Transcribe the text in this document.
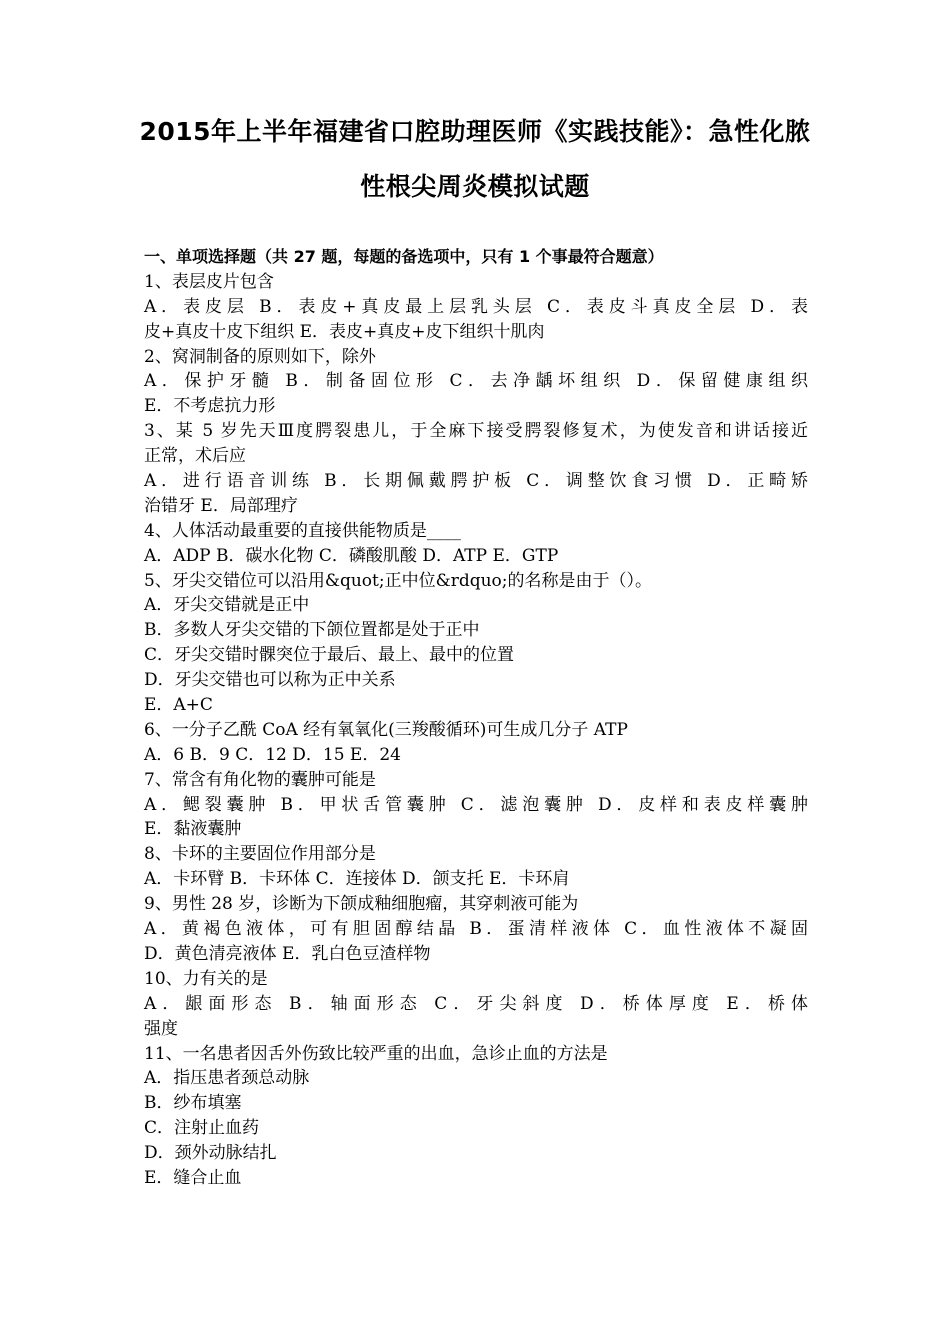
2015年上半年福建省口腔助理医师《实践技能》：急性化脓
性根尖周炎模拟试题
一、单项选择题（共 27 题，每题的备选项中，只有 1 个事最符合题意）
1、表层皮片包含
A．表皮层 B．表皮+真皮最上层乳头层 C．表皮斗真皮全层 D．表
皮+真皮十皮下组织 E．表皮+真皮+皮下组织十肌肉
2、窝洞制备的原则如下，除外
A．保护牙髓 B．制备固位形 C．去净龋坏组织 D．保留健康组织
E．不考虑抗力形
3、某 5 岁先天Ⅲ度腭裂患儿，于全麻下接受腭裂修复术，为使发音和讲话接近
正常，术后应
A．进行语音训练 B．长期佩戴腭护板 C．调整饮食习惯 D．正畸矫
治错牙 E．局部理疗
4、人体活动最重要的直接供能物质是____
A．ADP B．碳水化物 C．磷酸肌酸 D．ATP E．GTP
5、牙尖交错位可以沿用&quot;正中位&rdquo;的名称是由于（）。
A．牙尖交错就是正中
B．多数人牙尖交错的下颌位置都是处于正中
C．牙尖交错时髁突位于最后、最上、最中的位置
D．牙尖交错也可以称为正中关系
E．A+C
6、一分子乙酰 CoA 经有氧氧化(三羧酸循环)可生成几分子 ATP
A．6 B．9 C．12 D．15 E．24
7、常含有角化物的囊肿可能是
A．鳃裂囊肿 B．甲状舌管囊肿 C．滤泡囊肿 D．皮样和表皮样囊肿
E．黏液囊肿
8、卡环的主要固位作用部分是
A．卡环臂 B．卡环体 C．连接体 D．颌支托 E．卡环肩
9、男性 28 岁，诊断为下颌成釉细胞瘤，其穿刺液可能为
A．黄褐色液体，可有胆固醇结晶 B．蛋清样液体 C．血性液体不凝固
D．黄色清亮液体 E．乳白色豆渣样物
10、力有关的是
A．龈面形态 B．轴面形态 C．牙尖斜度 D．桥体厚度 E．桥体
强度
11、一名患者因舌外伤致比较严重的出血，急诊止血的方法是
A．指压患者颈总动脉
B．纱布填塞
C．注射止血药
D．颈外动脉结扎
E．缝合止血
